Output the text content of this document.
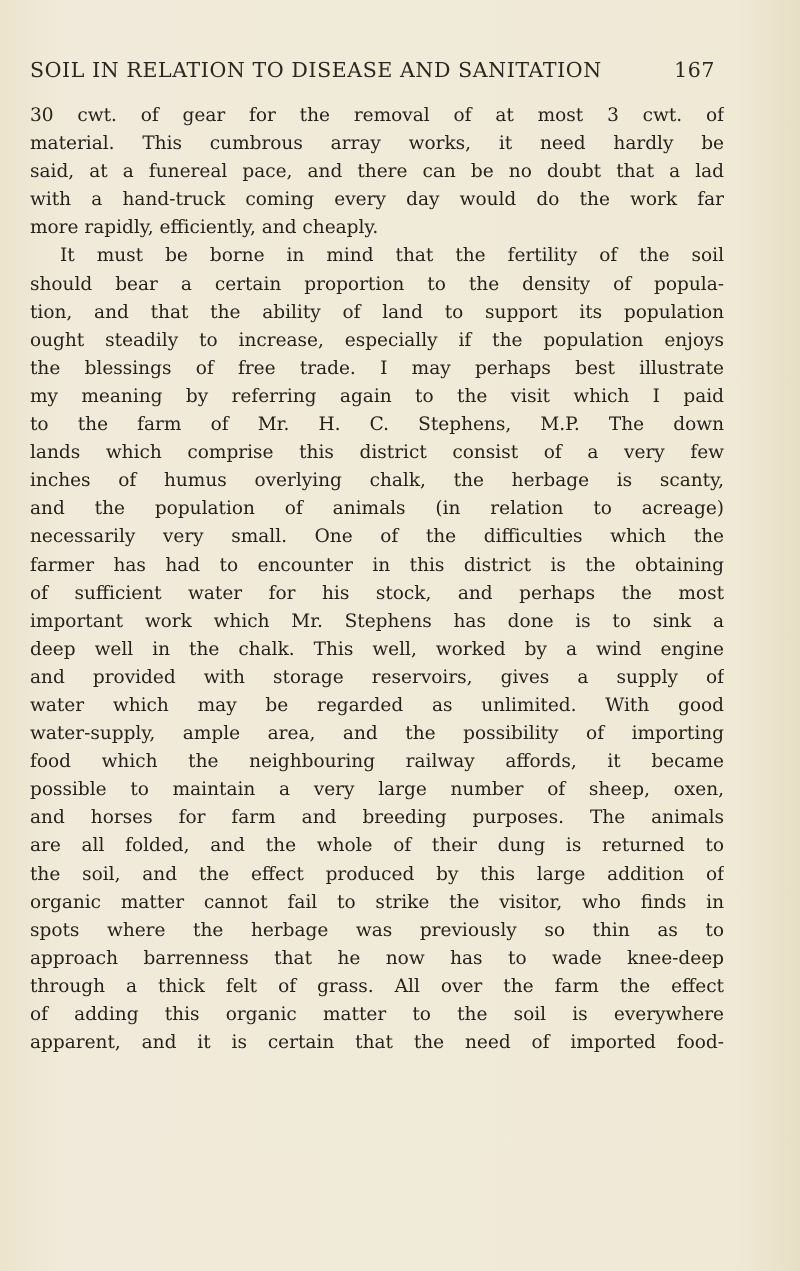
SOIL IN RELATION TO DISEASE AND SANITATION	167
30 cwt. of gear for the removal of at most 3 cwt. of
material. This cumbrous array works, it need hardly be
said, at a funereal pace, and there can be no doubt that a lad
with a hand-truck coming every day would do the work far
more rapidly, efficiently, and cheaply.
It must be borne in mind that the fertility of the soil
should bear a certain proportion to the density of popula-
tion, and that the ability of land to support its population
ought steadily to increase, especially if the population enjoys
the blessings of free trade. I may perhaps best illustrate
my meaning by referring again to the visit which I paid
to the farm of Mr. H. C. Stephens, M.P. The down
lands which comprise this district consist of a very few
inches of humus overlying chalk, the herbage is scanty,
and the population of animals (in relation to acreage)
necessarily very small. One of the difficulties which the
farmer has had to encounter in this district is the obtaining
of sufficient water for his stock, and perhaps the most
important work which Mr. Stephens has done is to sink a
deep well in the chalk. This well, worked by a wind engine
and provided with storage reservoirs, gives a supply of
water which may be regarded as unlimited. With good
water-supply, ample area, and the possibility of importing
food which the neighbouring railway affords, it became
possible to maintain a very large number of sheep, oxen,
and horses for farm and breeding purposes. The animals
are all folded, and the whole of their dung is returned to
the soil, and the effect produced by this large addition of
organic matter cannot fail to strike the visitor, who finds in
spots where the herbage was previously so thin as to
approach barrenness that he now has to wade knee-deep
through a thick felt of grass. All over the farm the effect
of adding this organic matter to the soil is everywhere
apparent, and it is certain that the need of imported food-
